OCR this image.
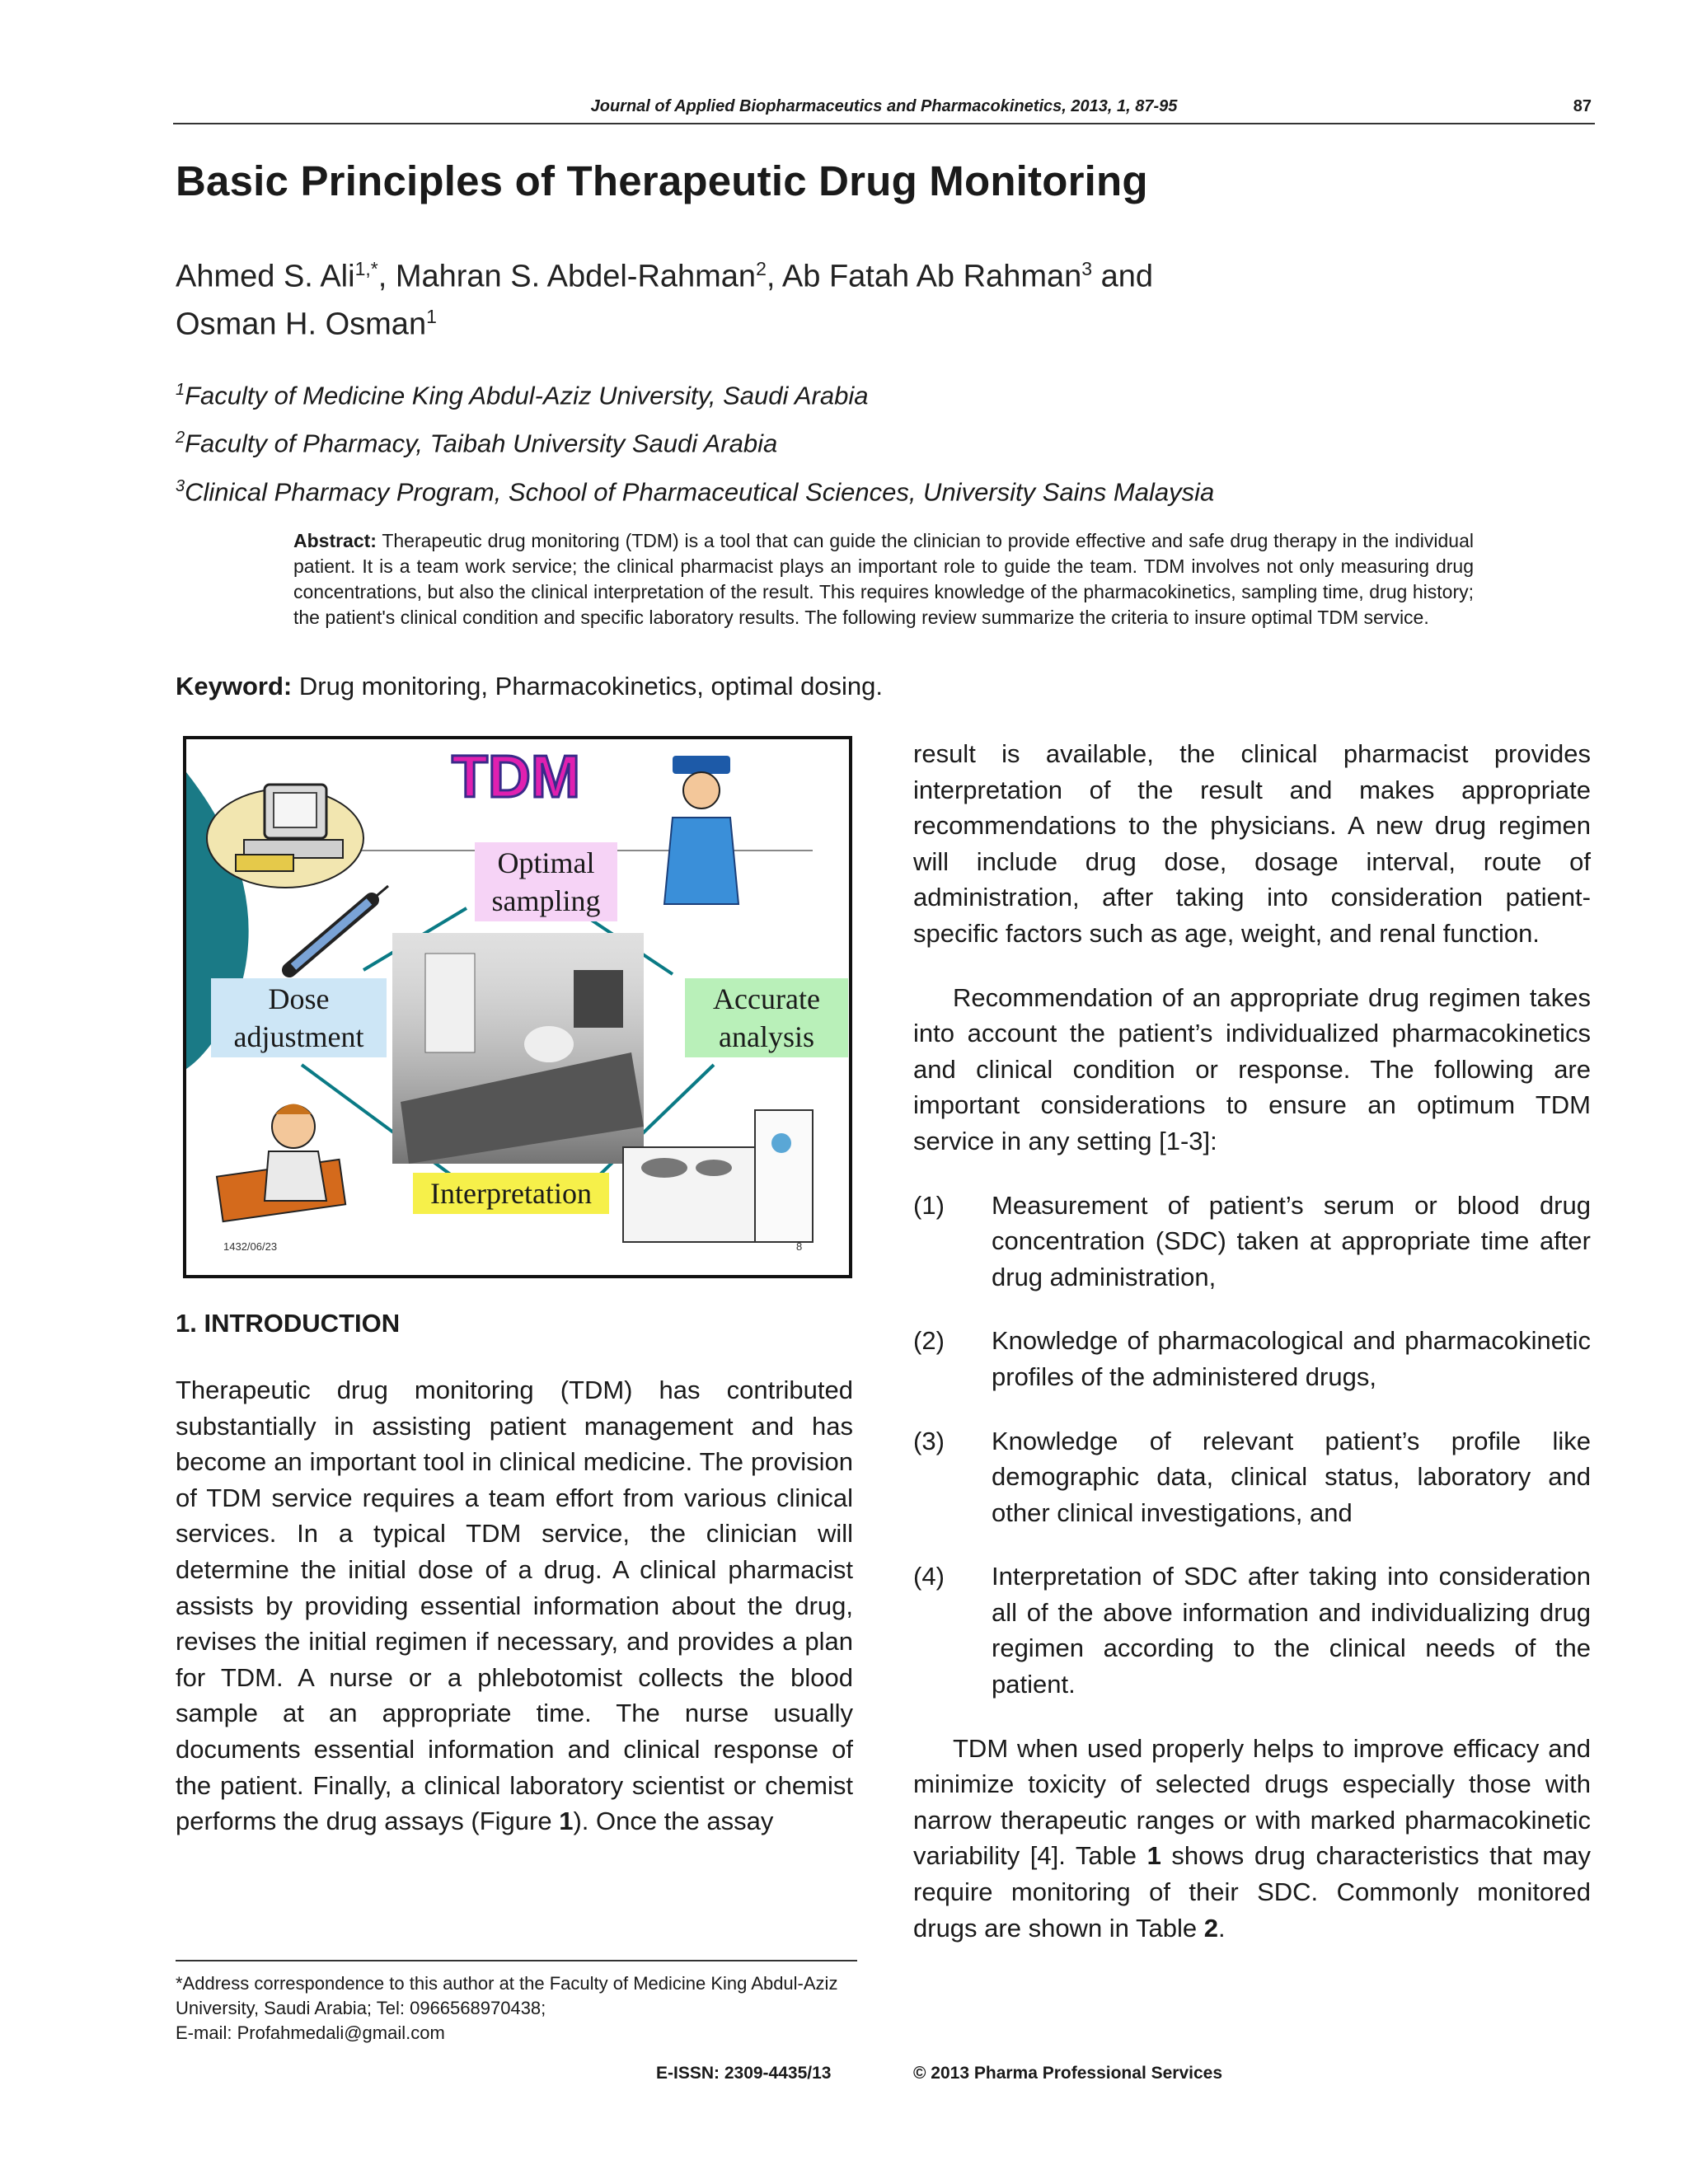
Journal of Applied Biopharmaceutics and Pharmacokinetics, 2013, 1, 87-95	87
Basic Principles of Therapeutic Drug Monitoring
Ahmed S. Ali$^{1,*}$, Mahran S. Abdel-Rahman$^2$, Ab Fatah Ab Rahman$^3$ and
Osman H. Osman$^1$
$^1$Faculty of Medicine King Abdul-Aziz University, Saudi Arabia
$^2$Faculty of Pharmacy, Taibah University Saudi Arabia
$^3$Clinical Pharmacy Program, School of Pharmaceutical Sciences, University Sains Malaysia
Abstract: Therapeutic drug monitoring (TDM) is a tool that can guide the clinician to provide effective and safe drug therapy in the individual patient. It is a team work service; the clinical pharmacist plays an important role to guide the team. TDM involves not only measuring drug concentrations, but also the clinical interpretation of the result. This requires knowledge of the pharmacokinetics, sampling time, drug history; the patient's clinical condition and specific laboratory results. The following review summarize the criteria to insure optimal TDM service.
Keyword: Drug monitoring, Pharmacokinetics, optimal dosing.
TDM
1432/06/23	8
Optimal sampling
Dose adjustment
Accurate analysis
Interpretation
1. INTRODUCTION

Therapeutic drug monitoring (TDM) has contributed substantially in assisting patient management and has become an important tool in clinical medicine. The provision of TDM service requires a team effort from various clinical services. In a typical TDM service, the clinician will determine the initial dose of a drug. A clinical pharmacist assists by providing essential information about the drug, revises the initial regimen if necessary, and provides a plan for TDM. A nurse or a phlebotomist collects the blood sample at an appropriate time. The nurse usually documents essential information and clinical response of the patient. Finally, a clinical laboratory scientist or chemist performs the drug assays (Figure 1). Once the assay

result is available, the clinical pharmacist provides interpretation of the result and makes appropriate recommendations to the physicians. A new drug regimen will include drug dose, dosage interval, route of administration, after taking into consideration patient-specific factors such as age, weight, and renal function.

Recommendation of an appropriate drug regimen takes into account the patient’s individualized pharmacokinetics and clinical condition or response. The following are important considerations to ensure an optimum TDM service in any setting [1-3]:

(1)	Measurement of patient’s serum or blood drug concentration (SDC) taken at appropriate time after drug administration,
(2)	Knowledge of pharmacological and pharmacokinetic profiles of the administered drugs,
(3)	Knowledge of relevant patient’s profile like demographic data, clinical status, laboratory and other clinical investigations, and
(4)	Interpretation of SDC after taking into consideration all of the above information and individualizing drug regimen according to the clinical needs of the patient.

TDM when used properly helps to improve efficacy and minimize toxicity of selected drugs especially those with narrow therapeutic ranges or with marked pharmacokinetic variability [4]. Table 1 shows drug characteristics that may require monitoring of their SDC. Commonly monitored drugs are shown in Table 2.

*Address correspondence to this author at the Faculty of Medicine King Abdul-Aziz University, Saudi Arabia; Tel: 0966568970438;
E-mail: Profahmedali@gmail.com
E-ISSN: 2309-4435/13	© 2013 Pharma Professional Services
